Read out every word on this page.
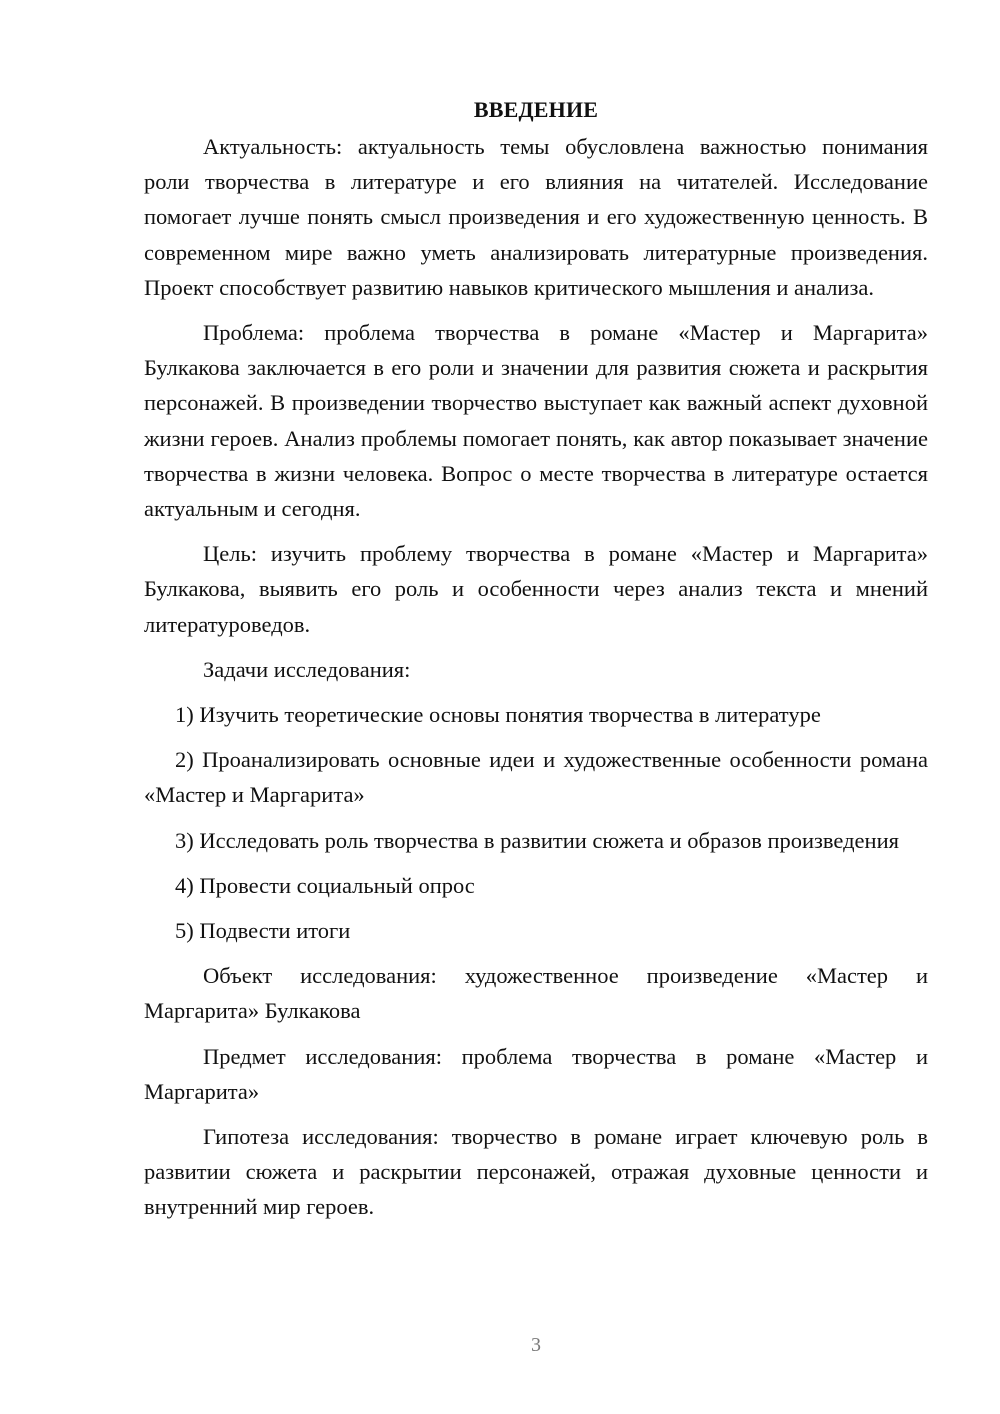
ВВЕДЕНИЕ

Актуальность: актуальность темы обусловлена важностью понимания роли творчества в литературе и его влияния на читателей. Исследование помогает лучше понять смысл произведения и его художественную ценность. В современном мире важно уметь анализировать литературные произведения. Проект способствует развитию навыков критического мышления и анализа.

Проблема: проблема творчества в романе «Мастер и Маргарита» Булкакова заключается в его роли и значении для развития сюжета и раскрытия персонажей. В произведении творчество выступает как важный аспект духовной жизни героев. Анализ проблемы помогает понять, как автор показывает значение творчества в жизни человека. Вопрос о месте творчества в литературе остается актуальным и сегодня.

Цель: изучить проблему творчества в романе «Мастер и Маргарита» Булкакова, выявить его роль и особенности через анализ текста и мнений литературоведов.

Задачи исследования:

1) Изучить теоретические основы понятия творчества в литературе

2) Проанализировать основные идеи и художественные особенности романа «Мастер и Маргарита»

3) Исследовать роль творчества в развитии сюжета и образов произведения

4) Провести социальный опрос

5) Подвести итоги

Объект исследования: художественное произведение «Мастер и Маргарита» Булкакова

Предмет исследования: проблема творчества в романе «Мастер и Маргарита»

Гипотеза исследования: творчество в романе играет ключевую роль в развитии сюжета и раскрытии персонажей, отражая духовные ценности и внутренний мир героев.

3
